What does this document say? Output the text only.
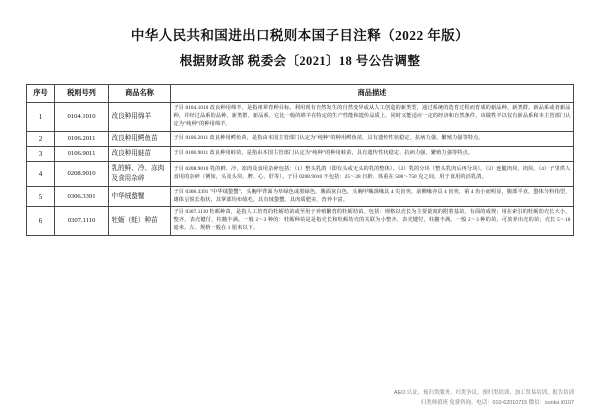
中华人民共和国进出口税则本国子目注释（2022 年版）
根据财政部 税委会〔2021〕18 号公告调整
序号	税则号列	商品名称	商品描述
1	0104.1010	改良种用绵羊	子目 0104.1010 改良种用绵羊，是指祖辈育种目标，利用现有自然发生的自然变异或从人工创造的新类型，通过系统的选育过程而育成的新品种、新类群、新品系或者新品种，并经过品系的品种、新类群、新品系。它比一般的绵羊在特定的生产性能和遗传品质上，同时又能适应一定的经济和自然条件，该做牲羊以仅有新品系和本主管部门认定为"纯种"的种用绵羊。
2	0106.2011	改良种用鳄鱼苗	子目 0106.2011 改良种用鳄鱼苗，是指由本国主管部门认定为"纯种"的种用鳄鱼苗，具有遗传性状稳定、抗病力强、繁殖力强等特点。
3	0106.9011	改良种用蛙苗	子目 0106.9011 改良种用蛙苗，是指由本国主管部门认定为"纯种"的种用蛙苗，具有遗传性状稳定、抗病力强、繁殖力强等特点。
4	0208.9010	乳的鲜、冷、冻肉及食用杂碎	子目 0208.9010 乳的鲜、冷、冻肉及食用杂碎包括：（1）整头乳鸽（即有头或无头的乳的整体）。（2）乳的分块（整头乳肉后再分块）。（3）连腿肉块、肉块。（4）子里供人食用的杂碎（例如，头及头块、脾、心、肝等）。子目 0208.9010 不包括：25～28 日龄、体重在 500～750 克之间，用于食用的活乳鸽。
5	0306.3391	中华绒螯蟹	子目 0306.3391 "中华绒螯蟹"，头胸甲背面为草绿色或墨绿色，腹面灰白色，头胸甲额颈缘具 4 尖齿突。前侧缘亦具 4 齿突，第 4 齿小而明显，腹部平直，螯体分粉指型，雄体呈锐长指状，其掌部均布绒毛，具有绒螯蟹。具肉质肥美，营养丰富。
6	0307.1110	牡蛎（蚝）种苗	子目 0307.1110 牡蛎种苗，是指人工培育的牡蛎幼苗或至用于养殖繁育的牡蛎幼苗。包括：规格以壳长为主要量度的附着基苗，有面的成规；用在索引的牡蛎幼壳长大小，整齐，表壳键付，柱髓丰满。一般 2～3 种的：牡蛎种苗是是指壳长和牡蛎幼壳的关联为小整齐，表壳键付，柱髓丰满。一般 2～3 种的苗，可放养出壳的苗；壳长 5～10 毫米。左、规格一般在 1 厘米以下。
AEO 认证、预归类服务、归类争议、预归类培训、加工贸易培训、报告培训
归类师值班 免费咨询。电话：010-62010715 微信：sunka i0107
